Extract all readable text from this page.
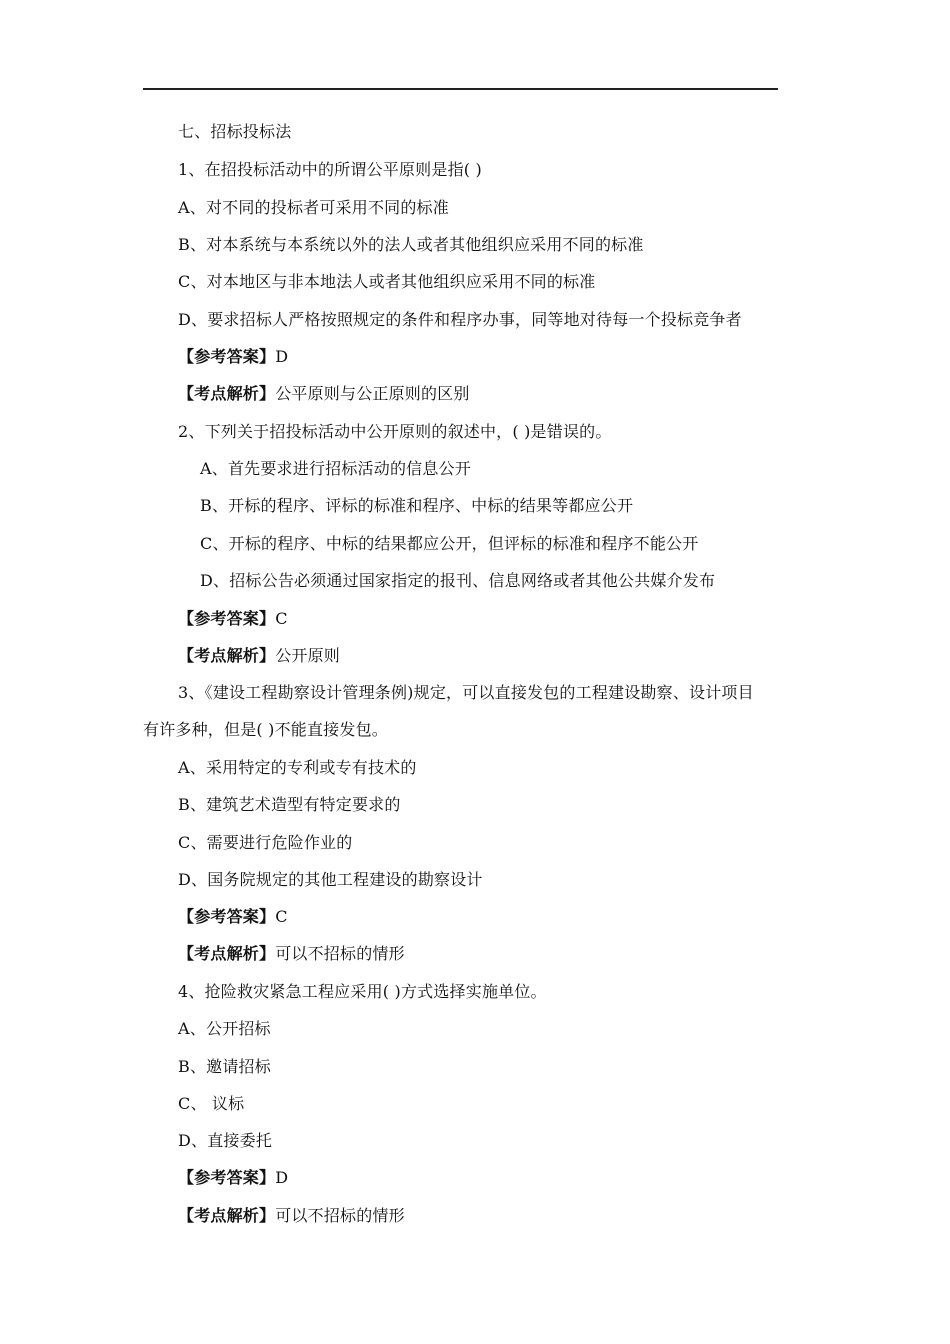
七、招标投标法
1、在招投标活动中的所谓公平原则是指( )
A、对不同的投标者可采用不同的标准
B、对本系统与本系统以外的法人或者其他组织应采用不同的标准
C、对本地区与非本地法人或者其他组织应采用不同的标准
D、要求招标人严格按照规定的条件和程序办事，同等地对待每一个投标竞争者
【参考答案】D
【考点解析】公平原则与公正原则的区别
2、下列关于招投标活动中公开原则的叙述中，( )是错误的。
A、首先要求进行招标活动的信息公开
B、开标的程序、评标的标准和程序、中标的结果等都应公开
C、开标的程序、中标的结果都应公开，但评标的标准和程序不能公开
D、招标公告必须通过国家指定的报刊、信息网络或者其他公共媒介发布
【参考答案】C
【考点解析】公开原则
3、《建设工程勘察设计管理条例)规定，可以直接发包的工程建设勘察、设计项目
有许多种，但是( )不能直接发包。
A、采用特定的专利或专有技术的
B、建筑艺术造型有特定要求的
C、需要进行危险作业的
D、国务院规定的其他工程建设的勘察设计
【参考答案】C
【考点解析】可以不招标的情形
4、抢险救灾紧急工程应采用( )方式选择实施单位。
A、公开招标
B、邀请招标
C、 议标
D、直接委托
【参考答案】D
【考点解析】可以不招标的情形
